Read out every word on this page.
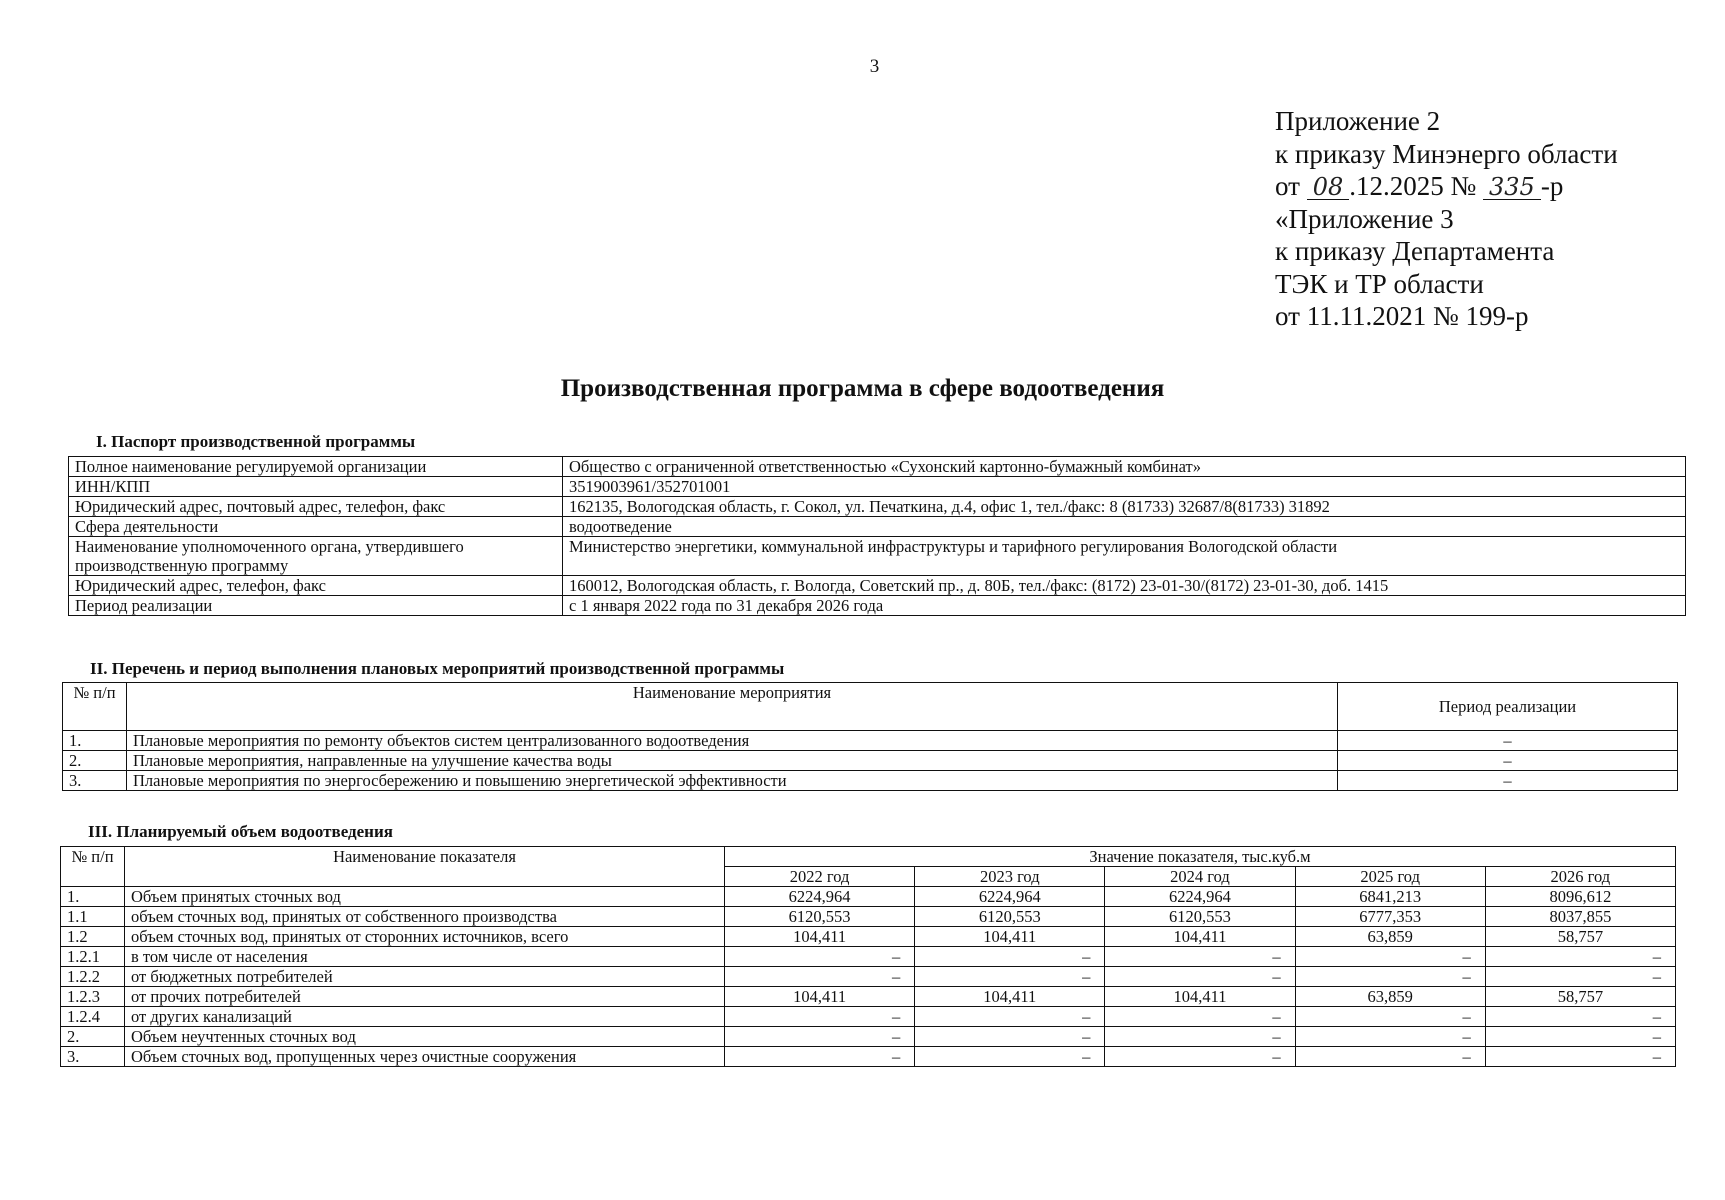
3
Приложение 2
к приказу Минэнерго области
от 08 .12.2025 № 335 -р
«Приложение 3
к приказу Департамента
ТЭК и ТР области
от 11.11.2021 № 199-р
Производственная программа в сфере водоотведения
I. Паспорт производственной программы
Полное наименование регулируемой организации	Общество с ограниченной ответственностью «Сухонский картонно-бумажный комбинат»
ИНН/КПП	3519003961/352701001
Юридический адрес, почтовый адрес, телефон, факс	162135, Вологодская область, г. Сокол, ул. Печаткина, д.4, офис 1, тел./факс: 8 (81733) 32687/8(81733) 31892
Сфера деятельности	водоотведение
Наименование уполномоченного органа, утвердившего производственную программу	Министерство энергетики, коммунальной инфраструктуры и тарифного регулирования Вологодской области
Юридический адрес, телефон, факс	160012, Вологодская область, г. Вологда, Советский пр., д. 80Б, тел./факс: (8172) 23-01-30/(8172) 23-01-30, доб. 1415
Период реализации	с 1 января 2022 года по 31 декабря 2026 года
II. Перечень и период выполнения плановых мероприятий производственной программы
№ п/п	Наименование мероприятия	Период реализации
1.	Плановые мероприятия по ремонту объектов систем централизованного водоотведения	–
2.	Плановые мероприятия, направленные на улучшение качества воды	–
3.	Плановые мероприятия по энергосбережению и повышению энергетической эффективности	–
III. Планируемый объем водоотведения
№ п/п	Наименование показателя	Значение показателя, тыс.куб.м				
		2022 год	2023 год	2024 год	2025 год	2026 год
1.	Объем принятых сточных вод	6224,964	6224,964	6224,964	6841,213	8096,612
1.1	объем сточных вод, принятых от собственного производства	6120,553	6120,553	6120,553	6777,353	8037,855
1.2	объем сточных вод, принятых от сторонних источников, всего	104,411	104,411	104,411	63,859	58,757
1.2.1	в том числе от населения	–	–	–	–	–
1.2.2	от бюджетных потребителей	–	–	–	–	–
1.2.3	от прочих потребителей	104,411	104,411	104,411	63,859	58,757
1.2.4	от других канализаций	–	–	–	–	–
2.	Объем неучтенных сточных вод	–	–	–	–	–
3.	Объем сточных вод, пропущенных через очистные сооружения	–	–	–	–	–
